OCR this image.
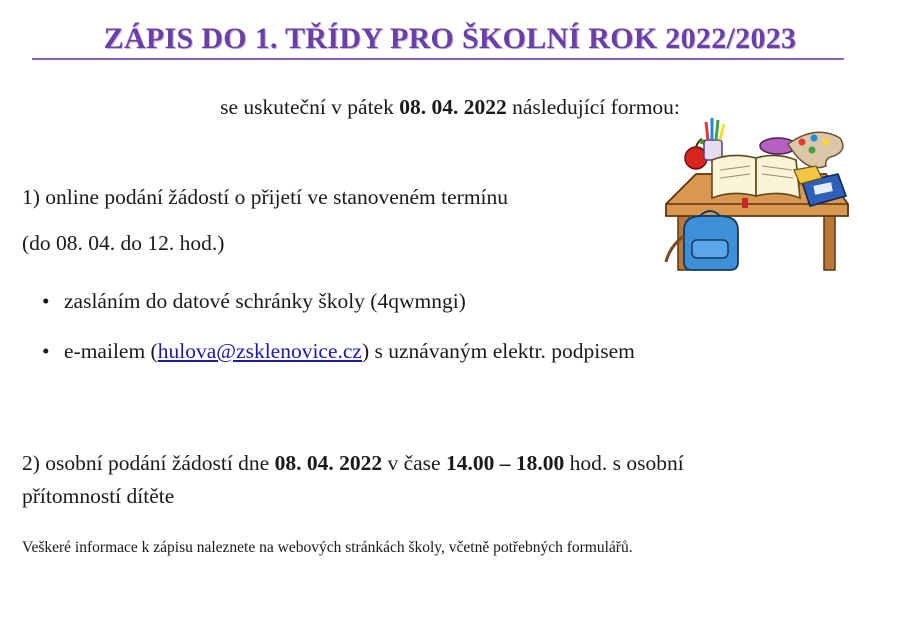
ZÁPIS DO 1. TŘÍDY PRO ŠKOLNÍ ROK 2022/2023
se uskuteční v pátek 08. 04. 2022 následující formou:
1) online podání žádostí o přijetí ve stanoveném termínu
(do 08. 04. do 12. hod.)
• zasláním do datové schránky školy (4qwmngi)
• e-mailem (hulova@zsklenovice.cz) s uznávaným elektr. podpisem
2) osobní podání žádostí dne 08. 04. 2022 v čase 14.00 – 18.00 hod. s osobní
přítomností dítěte
Veškeré informace k zápisu naleznete na webových stránkách školy, včetně potřebných formulářů.
